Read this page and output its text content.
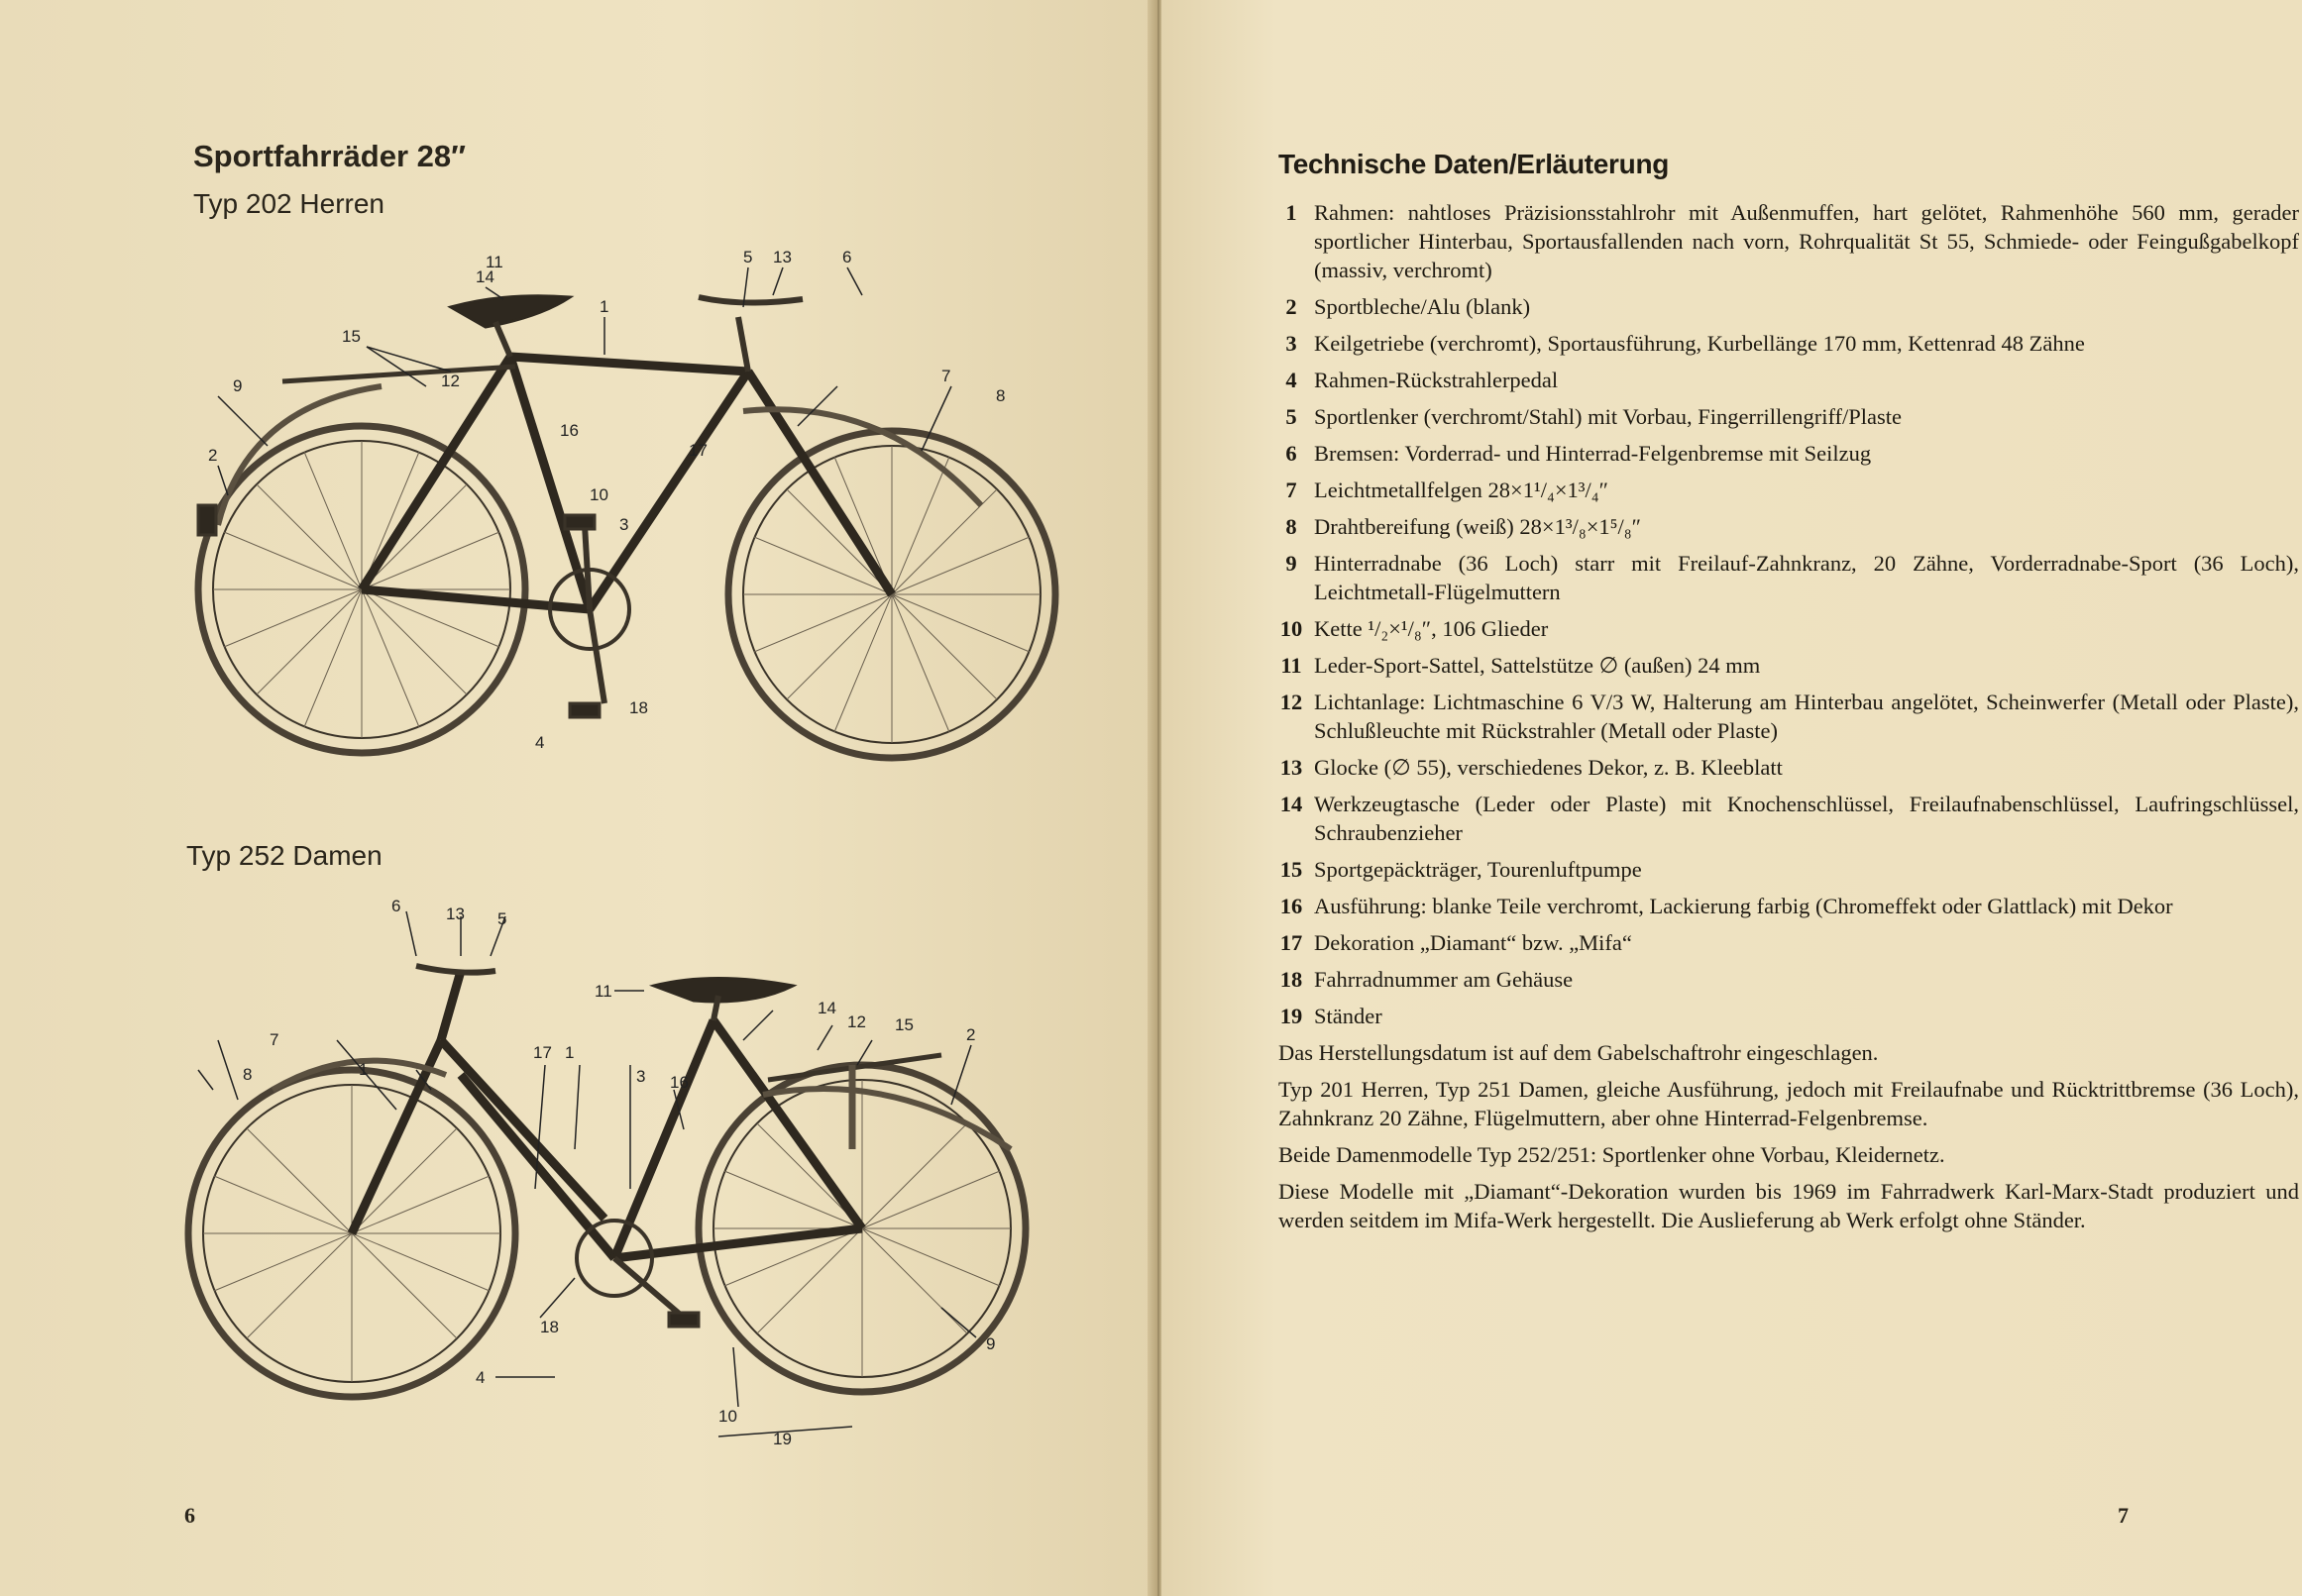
Sportfahrräder 28″
Typ 202 Herren
14
11
1
5 13	6
15
12
9
2
16
17
7
8
10
3
18
4
Typ 252 Damen
6	13 5
11
14
12 15
7
1
17 1
3 16
2
8
18
4
10
9
19
6
Technische Daten/Erläuterung
1 Rahmen: nahtloses Präzisionsstahlrohr mit Außenmuffen, hart gelötet, Rahmenhöhe 560 mm, gerader sportlicher Hinterbau, Sportausfallenden nach vorn, Rohrqualität St 55, Schmiede- oder Feingußgabelkopf (massiv, verchromt)
2 Sportbleche/Alu (blank)
3 Keilgetriebe (verchromt), Sportausführung, Kurbellänge 170 mm, Kettenrad 48 Zähne
4 Rahmen-Rückstrahlerpedal
5 Sportlenker (verchromt/Stahl) mit Vorbau, Fingerrillengriff/Plaste
6 Bremsen: Vorderrad- und Hinterrad-Felgenbremse mit Seilzug
7 Leichtmetallfelgen 28×1¹/₄×1³/₄″
8 Drahtbereifung (weiß) 28×1³/₈×1⁵/₈″
9 Hinterradnabe (36 Loch) starr mit Freilauf-Zahnkranz, 20 Zähne, Vorderradnabe-Sport (36 Loch), Leichtmetall-Flügelmuttern
10 Kette ¹/₂×¹/₈″, 106 Glieder
11 Leder-Sport-Sattel, Sattelstütze ∅ (außen) 24 mm
12 Lichtanlage: Lichtmaschine 6 V/3 W, Halterung am Hinterbau angelötet, Scheinwerfer (Metall oder Plaste), Schlußleuchte mit Rückstrahler (Metall oder Plaste)
13 Glocke (∅ 55), verschiedenes Dekor, z. B. Kleeblatt
14 Werkzeugtasche (Leder oder Plaste) mit Knochenschlüssel, Freilaufnabenschlüssel, Laufringschlüssel, Schraubenzieher
15 Sportgepäckträger, Tourenluftpumpe
16 Ausführung: blanke Teile verchromt, Lackierung farbig (Chromeffekt oder Glattlack) mit Dekor
17 Dekoration „Diamant“ bzw. „Mifa“
18 Fahrradnummer am Gehäuse
19 Ständer
Das Herstellungsdatum ist auf dem Gabelschaftrohr eingeschlagen.
Typ 201 Herren, Typ 251 Damen, gleiche Ausführung, jedoch mit Freilaufnabe und Rücktrittbremse (36 Loch), Zahnkranz 20 Zähne, Flügelmuttern, aber ohne Hinterrad-Felgenbremse.
Beide Damenmodelle Typ 252/251: Sportlenker ohne Vorbau, Kleidernetz.
Diese Modelle mit „Diamant“-Dekoration wurden bis 1969 im Fahrradwerk Karl-Marx-Stadt produziert und werden seitdem im Mifa-Werk hergestellt. Die Auslieferung ab Werk erfolgt ohne Ständer.
7
